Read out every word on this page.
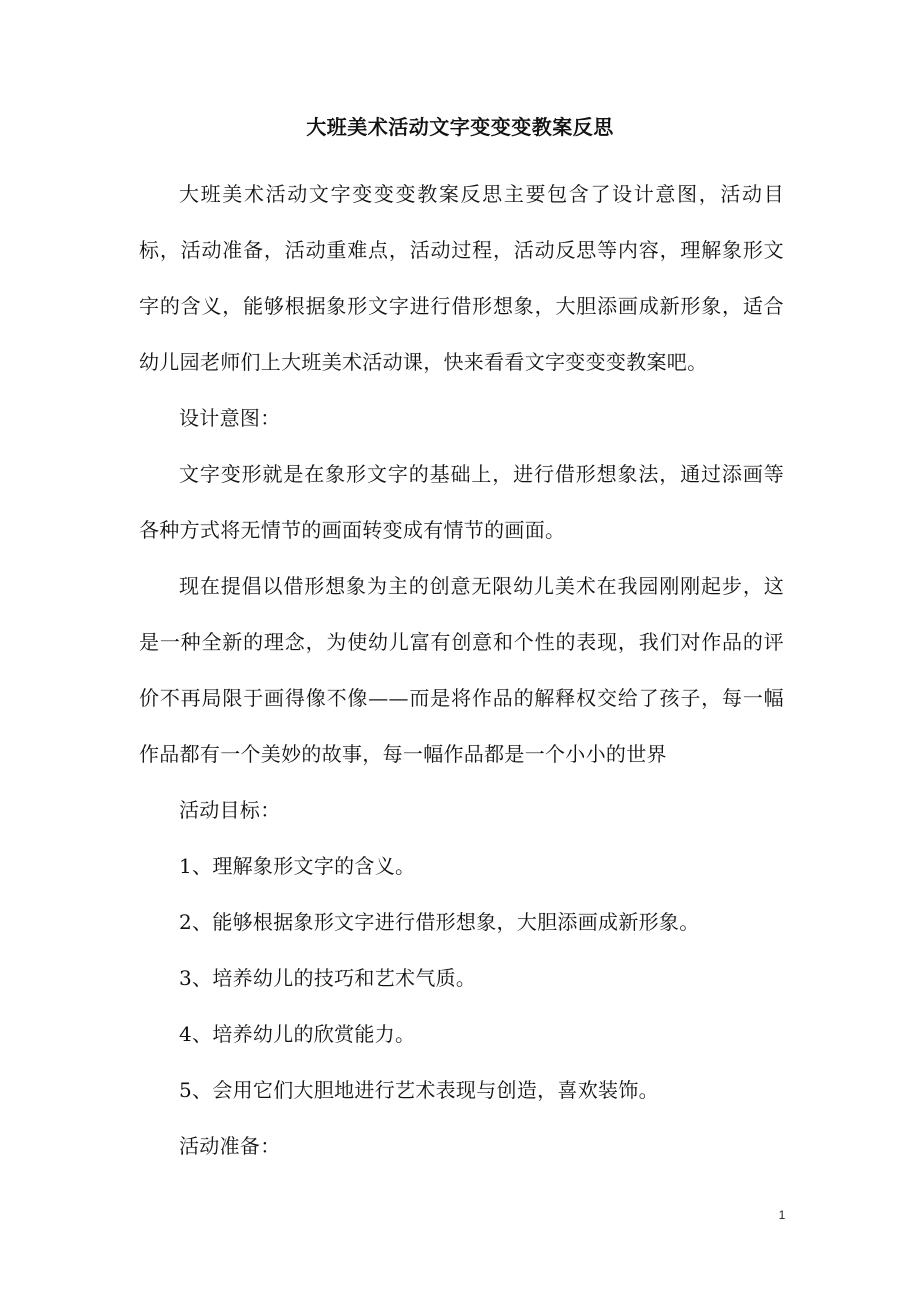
大班美术活动文字变变变教案反思

大班美术活动文字变变变教案反思主要包含了设计意图，活动目标，活动准备，活动重难点，活动过程，活动反思等内容，理解象形文字的含义，能够根据象形文字进行借形想象，大胆添画成新形象，适合幼儿园老师们上大班美术活动课，快来看看文字变变变教案吧。

设计意图：

文字变形就是在象形文字的基础上，进行借形想象法，通过添画等各种方式将无情节的画面转变成有情节的画面。

现在提倡以借形想象为主的创意无限幼儿美术在我园刚刚起步，这是一种全新的理念，为使幼儿富有创意和个性的表现，我们对作品的评价不再局限于画得像不像——而是将作品的解释权交给了孩子，每一幅作品都有一个美妙的故事，每一幅作品都是一个小小的世界

活动目标：

1、理解象形文字的含义。

2、能够根据象形文字进行借形想象，大胆添画成新形象。

3、培养幼儿的技巧和艺术气质。

4、培养幼儿的欣赏能力。

5、会用它们大胆地进行艺术表现与创造，喜欢装饰。

活动准备：

1
